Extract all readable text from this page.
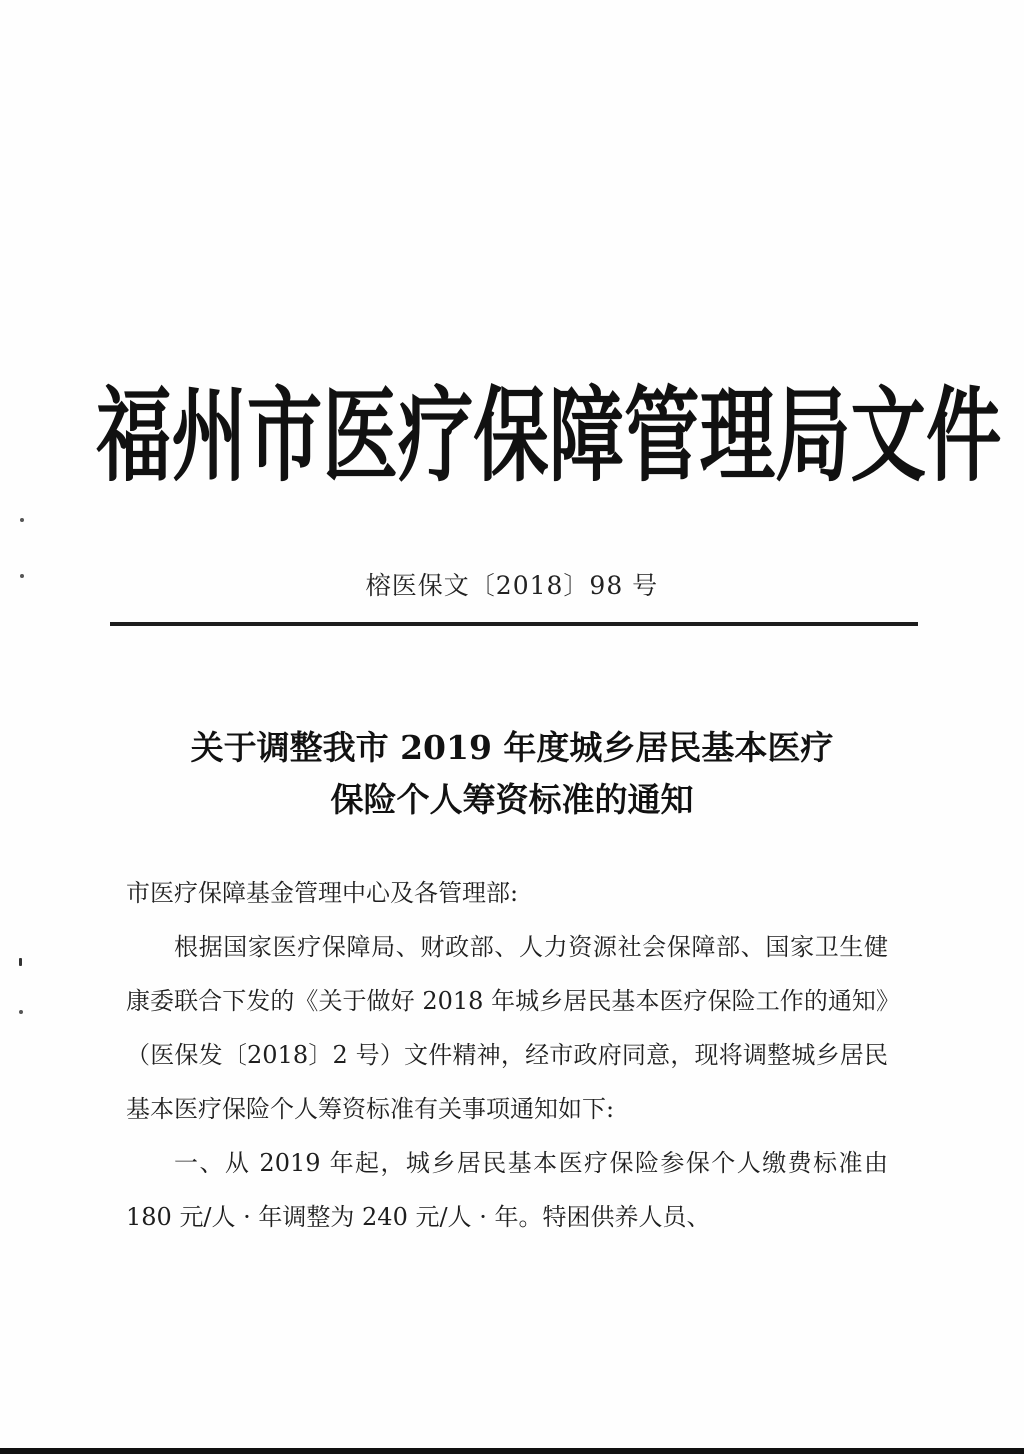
福 州 市 医 疗 保 障 管 理 局 文 件
榕医保文〔2018〕98 号
关于调整我市 2019 年度城乡居民基本医疗
保险个人筹资标准的通知

市医疗保障基金管理中心及各管理部:

根据国家医疗保障局、财政部、人力资源社会保障部、国家卫生健康委联合下发的《关于做好 2018 年城乡居民基本医疗保险工作的通知》（医保发〔2018〕2 号）文件精神，经市政府同意，现将调整城乡居民基本医疗保险个人筹资标准有关事项通知如下:

一、从 2019 年起，城乡居民基本医疗保险参保个人缴费标准由 180 元/人 · 年调整为 240 元/人 · 年。特困供养人员、
